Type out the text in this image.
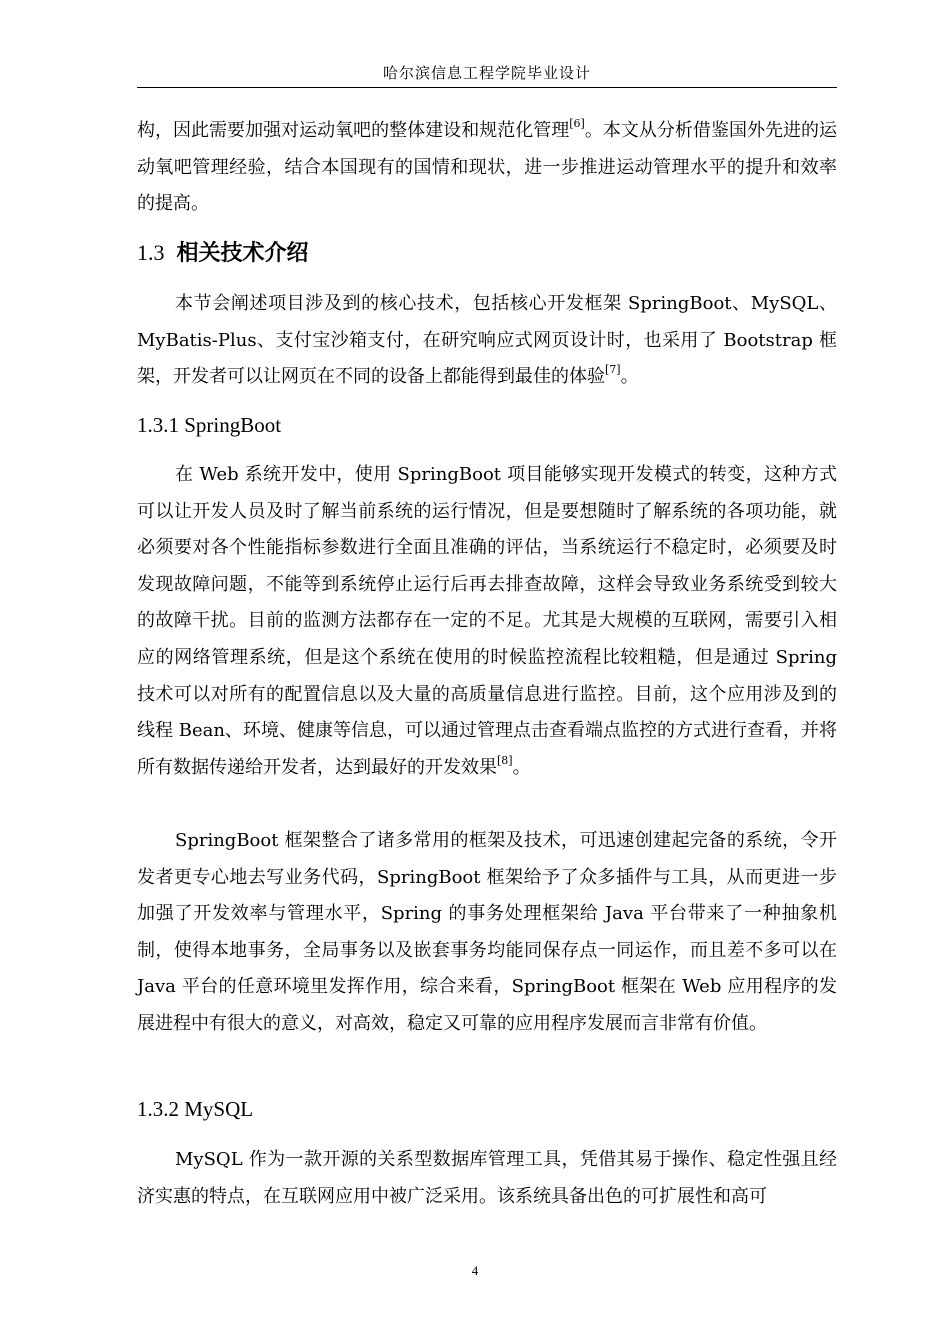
哈尔滨信息工程学院毕业设计

构，因此需要加强对运动氧吧的整体建设和规范化管理[6]。本文从分析借鉴国外先进的运动氧吧管理经验，结合本国现有的国情和现状，进一步推进运动管理水平的提升和效率的提高。

1.3 相关技术介绍

本节会阐述项目涉及到的核心技术，包括核心开发框架 SpringBoot、MySQL、MyBatis-Plus、支付宝沙箱支付，在研究响应式网页设计时，也采用了 Bootstrap 框架，开发者可以让网页在不同的设备上都能得到最佳的体验[7]。

1.3.1 SpringBoot

在 Web 系统开发中，使用 SpringBoot 项目能够实现开发模式的转变，这种方式可以让开发人员及时了解当前系统的运行情况，但是要想随时了解系统的各项功能，就必须要对各个性能指标参数进行全面且准确的评估，当系统运行不稳定时，必须要及时发现故障问题，不能等到系统停止运行后再去排查故障，这样会导致业务系统受到较大的故障干扰。目前的监测方法都存在一定的不足。尤其是大规模的互联网，需要引入相应的网络管理系统，但是这个系统在使用的时候监控流程比较粗糙，但是通过 Spring 技术可以对所有的配置信息以及大量的高质量信息进行监控。目前，这个应用涉及到的线程 Bean、环境、健康等信息，可以通过管理点击查看端点监控的方式进行查看，并将所有数据传递给开发者，达到最好的开发效果[8]。

SpringBoot 框架整合了诸多常用的框架及技术，可迅速创建起完备的系统，令开发者更专心地去写业务代码，SpringBoot 框架给予了众多插件与工具，从而更进一步加强了开发效率与管理水平，Spring 的事务处理框架给 Java 平台带来了一种抽象机制，使得本地事务，全局事务以及嵌套事务均能同保存点一同运作，而且差不多可以在 Java 平台的任意环境里发挥作用，综合来看，SpringBoot 框架在 Web 应用程序的发展进程中有很大的意义，对高效，稳定又可靠的应用程序发展而言非常有价值。

1.3.2 MySQL

MySQL 作为一款开源的关系型数据库管理工具，凭借其易于操作、稳定性强且经济实惠的特点，在互联网应用中被广泛采用。该系统具备出色的可扩展性和高可

4
